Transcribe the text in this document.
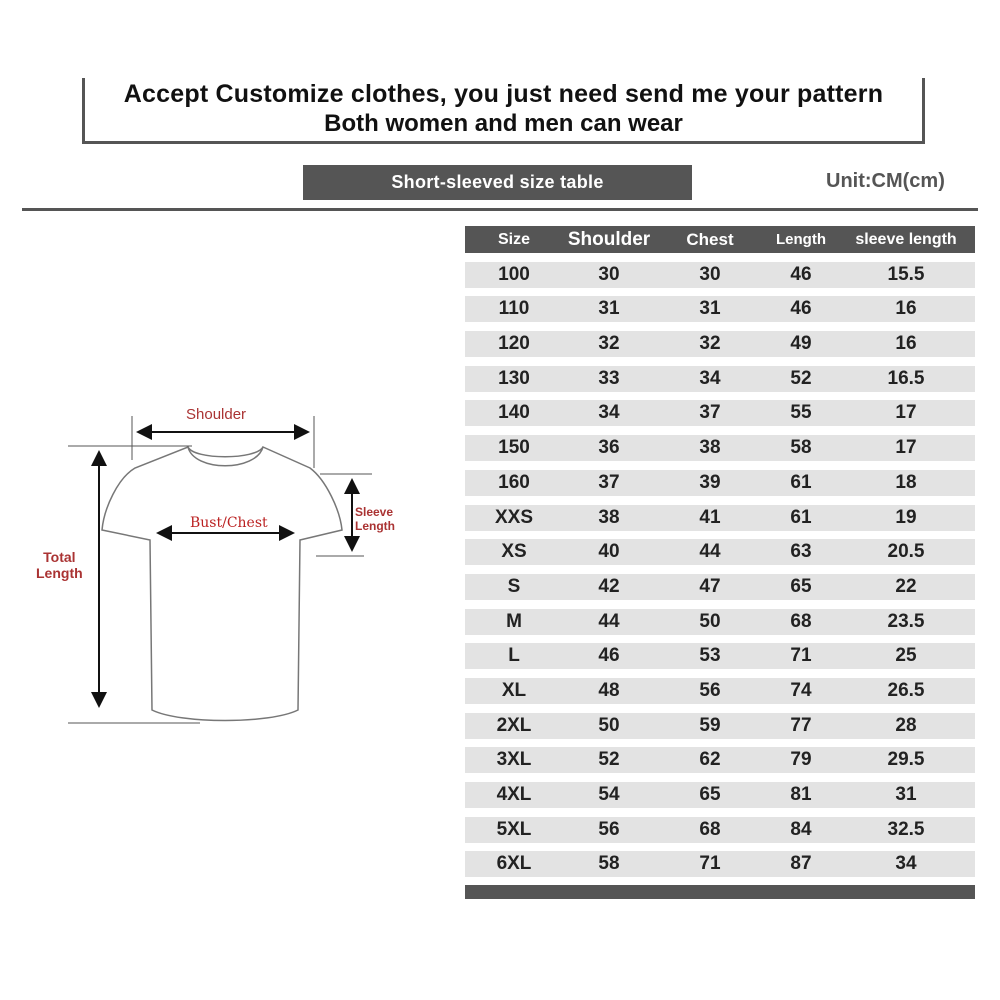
Accept Customize clothes, you just need send me your pattern
Both women and men can wear
Short-sleeved size table	Unit:CM(cm)
Shoulder
Bust/Chest
Sleeve
Length
Total
Length
Size	Shoulder	Chest	Length	sleeve length
100	30	30	46	15.5
110	31	31	46	16
120	32	32	49	16
130	33	34	52	16.5
140	34	37	55	17
150	36	38	58	17
160	37	39	61	18
XXS	38	41	61	19
XS	40	44	63	20.5
S	42	47	65	22
M	44	50	68	23.5
L	46	53	71	25
XL	48	56	74	26.5
2XL	50	59	77	28
3XL	52	62	79	29.5
4XL	54	65	81	31
5XL	56	68	84	32.5
6XL	58	71	87	34
